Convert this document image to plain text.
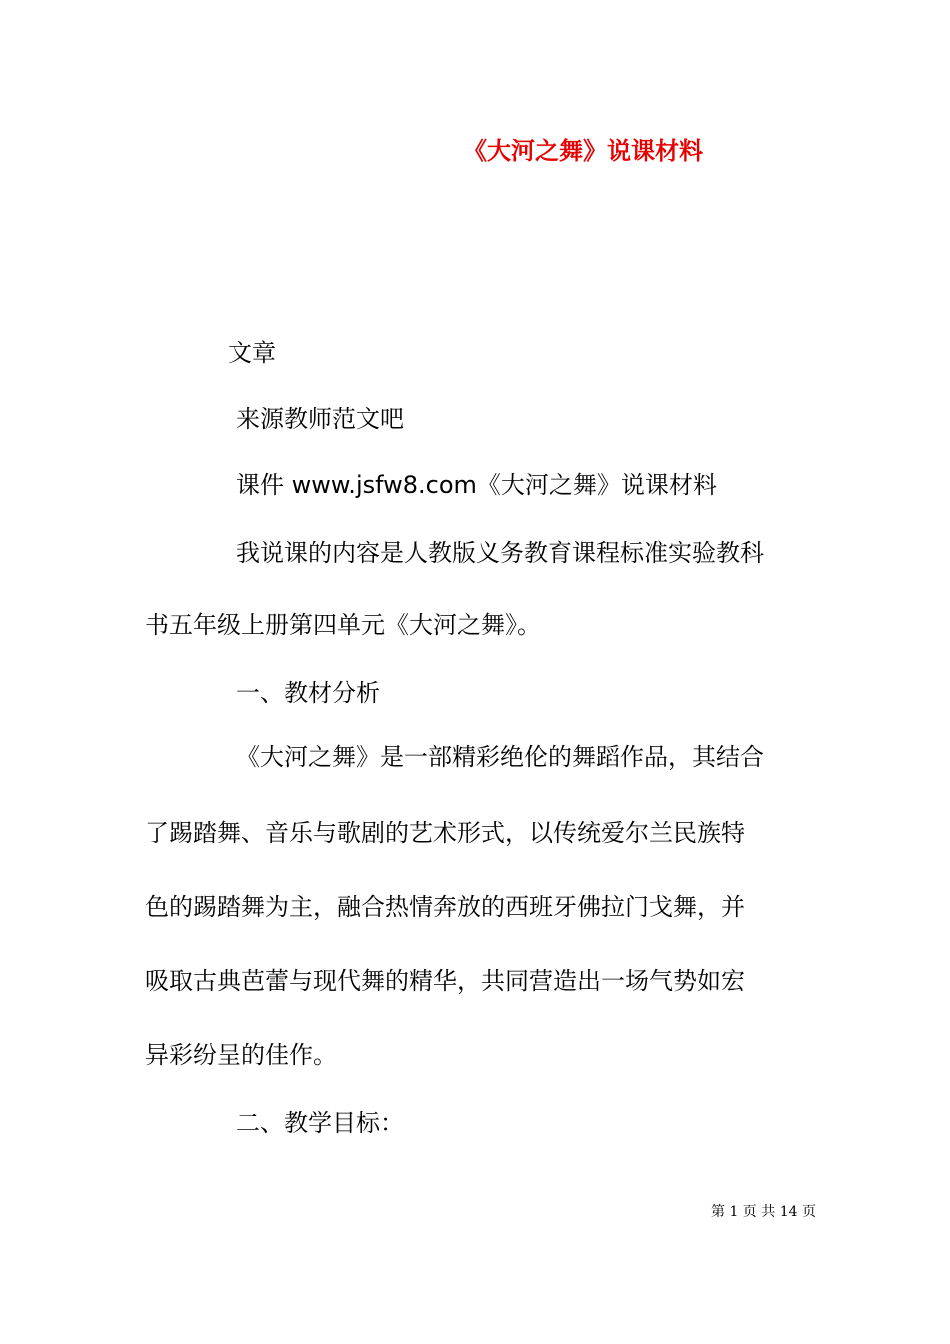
《大河之舞》说课材料
文章
来源教师范文吧
课件 www.jsfw8.com《大河之舞》说课材料
我说课的内容是人教版义务教育课程标准实验教科
书五年级上册第四单元《大河之舞》。
一、教材分析
《大河之舞》是一部精彩绝伦的舞蹈作品，其结合
了踢踏舞、音乐与歌剧的艺术形式，以传统爱尔兰民族特
色的踢踏舞为主，融合热情奔放的西班牙佛拉门戈舞，并
吸取古典芭蕾与现代舞的精华，共同营造出一场气势如宏
异彩纷呈的佳作。
二、教学目标：
第 1 页 共 14 页
